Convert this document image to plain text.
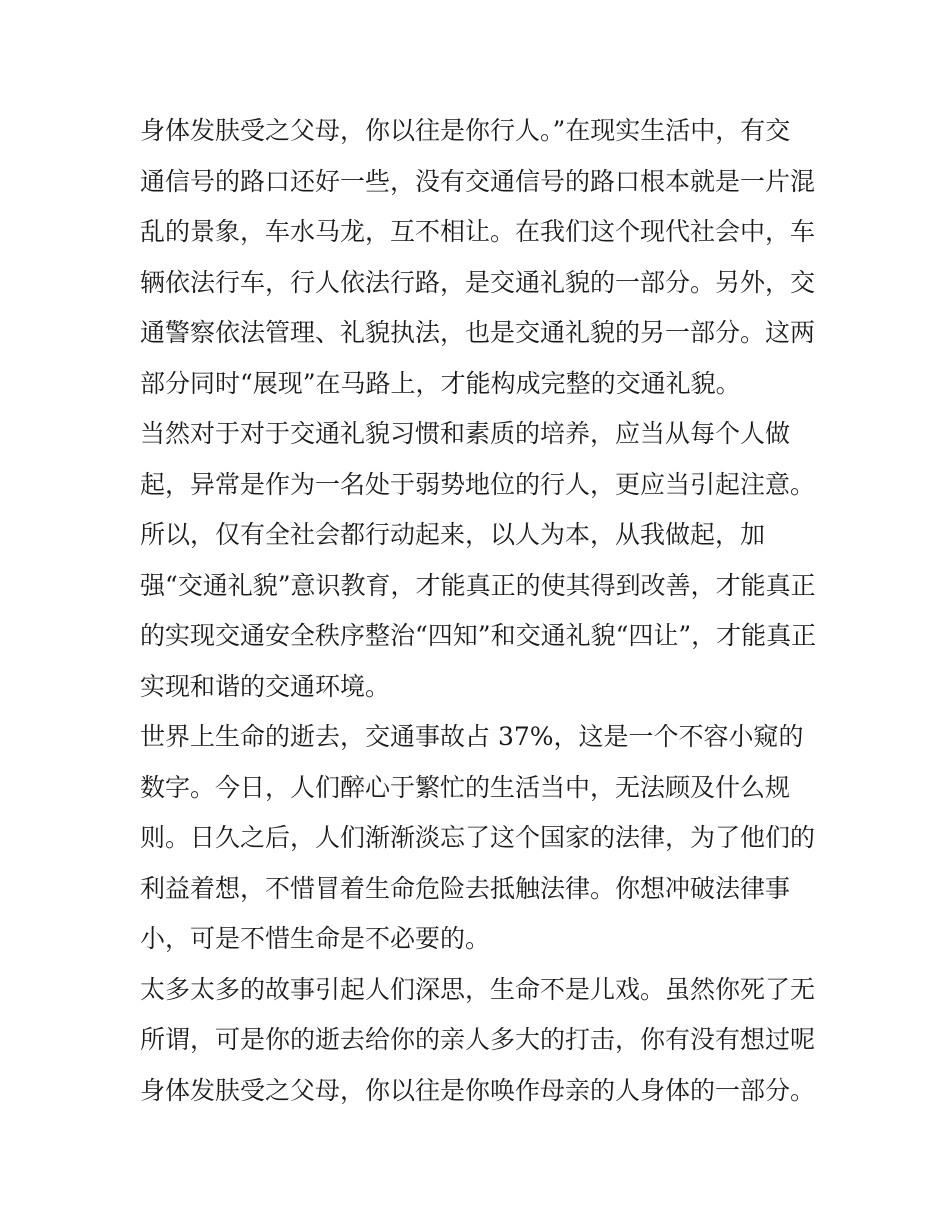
身体发肤受之父母，你以往是你行人。”在现实生活中，有交
通信号的路口还好一些，没有交通信号的路口根本就是一片混
乱的景象，车水马龙，互不相让。在我们这个现代社会中，车
辆依法行车，行人依法行路，是交通礼貌的一部分。另外，交
通警察依法管理、礼貌执法，也是交通礼貌的另一部分。这两
部分同时“展现”在马路上，才能构成完整的交通礼貌。
当然对于对于交通礼貌习惯和素质的培养，应当从每个人做
起，异常是作为一名处于弱势地位的行人，更应当引起注意。
所以，仅有全社会都行动起来，以人为本，从我做起，加
强“交通礼貌”意识教育，才能真正的使其得到改善，才能真正
的实现交通安全秩序整治“四知”和交通礼貌“四让”，才能真正
实现和谐的交通环境。
世界上生命的逝去，交通事故占 37%，这是一个不容小窥的
数字。今日，人们醉心于繁忙的生活当中，无法顾及什么规
则。日久之后，人们渐渐淡忘了这个国家的法律，为了他们的
利益着想，不惜冒着生命危险去抵触法律。你想冲破法律事
小，可是不惜生命是不必要的。
太多太多的故事引起人们深思，生命不是儿戏。虽然你死了无
所谓，可是你的逝去给你的亲人多大的打击，你有没有想过呢
身体发肤受之父母，你以往是你唤作母亲的人身体的一部分。
